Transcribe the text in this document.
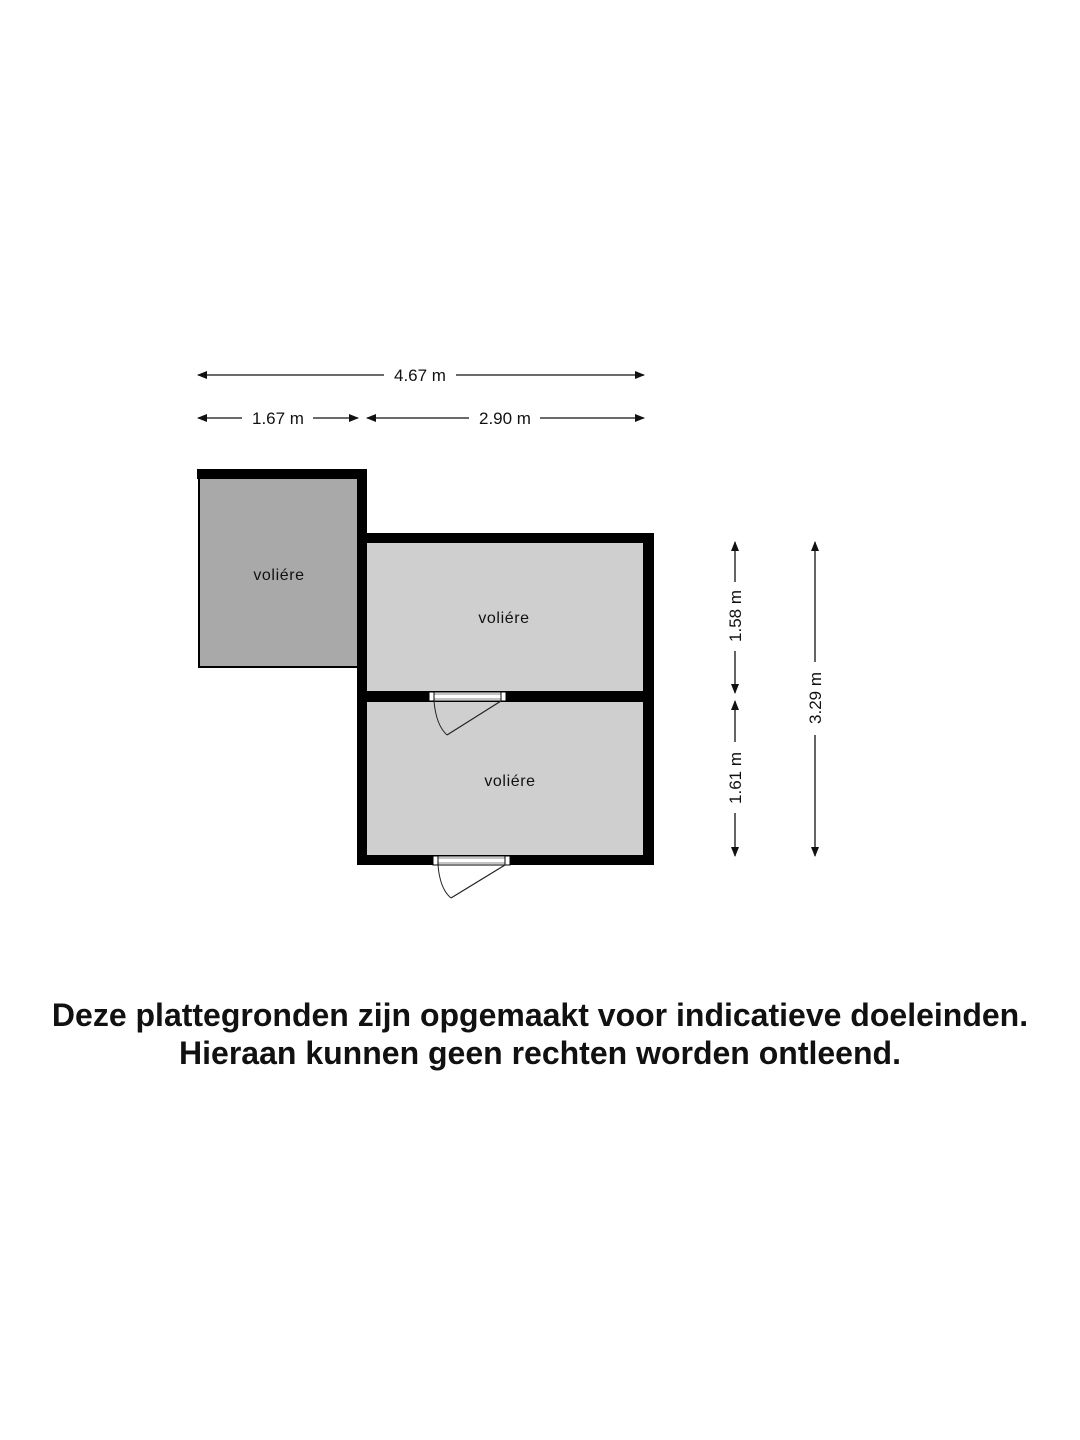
voliére
voliére
voliére
4.67 m
1.67 m	2.90 m
1.58 m
1.61 m
3.29 m
Deze plattegronden zijn opgemaakt voor indicatieve doeleinden.
Hieraan kunnen geen rechten worden ontleend.
